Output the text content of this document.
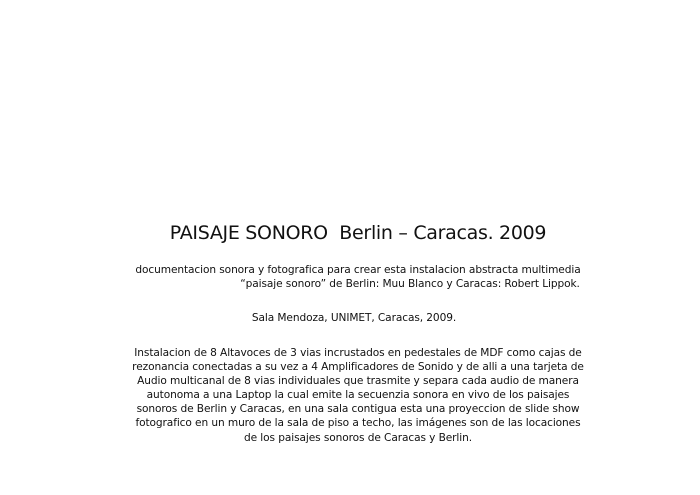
PAISAJE SONORO  Berlin – Caracas. 2009
documentacion sonora y fotografica para crear esta instalacion abstracta multimedia
“paisaje sonoro” de Berlin: Muu Blanco y Caracas: Robert Lippok.
Sala Mendoza, UNIMET, Caracas, 2009.
Instalacion de 8 Altavoces de 3 vias incrustados en pedestales de MDF como cajas de
rezonancia conectadas a su vez a 4 Amplificadores de Sonido y de alli a una tarjeta de
Audio multicanal de 8 vias individuales que trasmite y separa cada audio de manera
autonoma a una Laptop la cual emite la secuenzia sonora en vivo de los paisajes
sonoros de Berlin y Caracas, en una sala contigua esta una proyeccion de slide show
fotografico en un muro de la sala de piso a techo, las imágenes son de las locaciones
de los paisajes sonoros de Caracas y Berlin.
